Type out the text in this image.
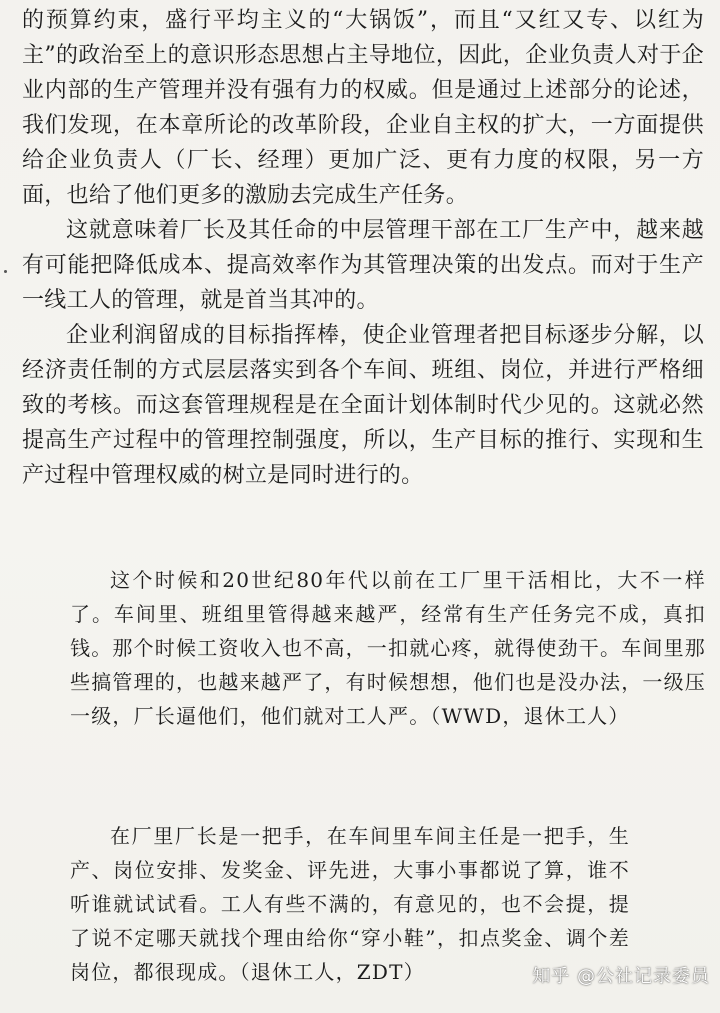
的预算约束，盛行平均主义的“大锅饭”，而且“又红又专、以红为主”的政治至上的意识形态思想占主导地位，因此，企业负责人对于企业内部的生产管理并没有强有力的权威。但是通过上述部分的论述，我们发现，在本章所论的改革阶段，企业自主权的扩大，一方面提供给企业负责人（厂长、经理）更加广泛、更有力度的权限，另一方面，也给了他们更多的激励去完成生产任务。

这就意味着厂长及其任命的中层管理干部在工厂生产中，越来越有可能把降低成本、提高效率作为其管理决策的出发点。而对于生产一线工人的管理，就是首当其冲的。

企业利润留成的目标指挥棒，使企业管理者把目标逐步分解，以经济责任制的方式层层落实到各个车间、班组、岗位，并进行严格细致的考核。而这套管理规程是在全面计划体制时代少见的。这就必然提高生产过程中的管理控制强度，所以，生产目标的推行、实现和生产过程中管理权威的树立是同时进行的。

这个时候和20世纪80年代以前在工厂里干活相比，大不一样了。车间里、班组里管得越来越严，经常有生产任务完不成，真扣钱。那个时候工资收入也不高，一扣就心疼，就得使劲干。车间里那些搞管理的，也越来越严了，有时候想想，他们也是没办法，一级压一级，厂长逼他们，他们就对工人严。（WWD，退休工人）

在厂里厂长是一把手，在车间里车间主任是一把手，生产、岗位安排、发奖金、评先进，大事小事都说了算，谁不听谁就试试看。工人有些不满的，有意见的，也不会提，提了说不定哪天就找个理由给你“穿小鞋”，扣点奖金、调个差岗位，都很现成。（退休工人，ZDT）	知乎 @公社记录委员
